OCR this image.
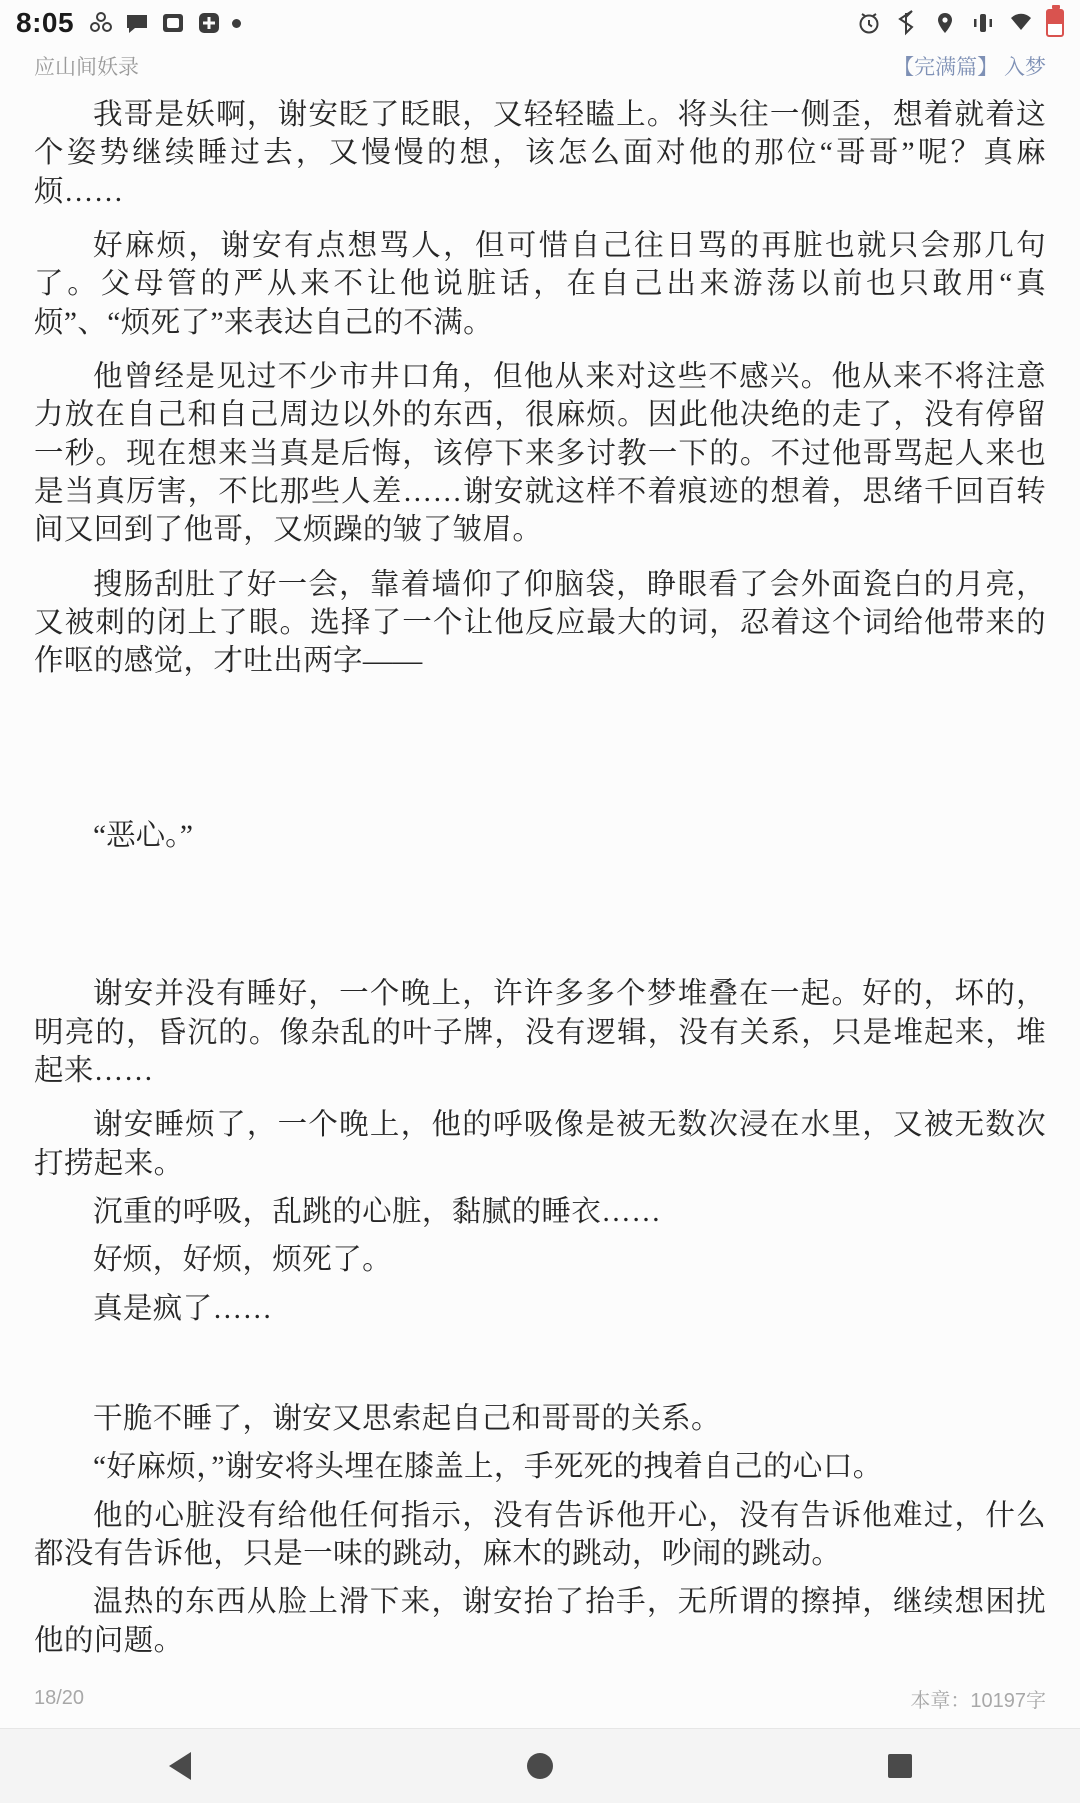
8:05
应山间妖录	【完满篇】 入梦

我哥是妖啊，谢安眨了眨眼，又轻轻瞌上。将头往一侧歪，想着就着这个姿势继续睡过去，又慢慢的想，该怎么面对他的那位“哥哥”呢？真麻烦……

好麻烦，谢安有点想骂人，但可惜自己往日骂的再脏也就只会那几句了。父母管的严从来不让他说脏话，在自己出来游荡以前也只敢用“真烦”、“烦死了”来表达自己的不满。

他曾经是见过不少市井口角，但他从来对这些不感兴。他从来不将注意力放在自己和自己周边以外的东西，很麻烦。因此他决绝的走了，没有停留一秒。现在想来当真是后悔，该停下来多讨教一下的。不过他哥骂起人来也是当真厉害，不比那些人差……谢安就这样不着痕迹的想着，思绪千回百转间又回到了他哥，又烦躁的皱了皱眉。

搜肠刮肚了好一会，靠着墙仰了仰脑袋，睁眼看了会外面瓷白的月亮，又被刺的闭上了眼。选择了一个让他反应最大的词，忍着这个词给他带来的作呕的感觉，才吐出两字——

“恶心。”

谢安并没有睡好，一个晚上，许许多多个梦堆叠在一起。好的，坏的，明亮的，昏沉的。像杂乱的叶子牌，没有逻辑，没有关系，只是堆起来，堆起来……

谢安睡烦了，一个晚上，他的呼吸像是被无数次浸在水里，又被无数次打捞起来。

沉重的呼吸，乱跳的心脏，黏腻的睡衣……

好烦，好烦，烦死了。

真是疯了……

干脆不睡了，谢安又思索起自己和哥哥的关系。

“好麻烦，”谢安将头埋在膝盖上，手死死的拽着自己的心口。

他的心脏没有给他任何指示，没有告诉他开心，没有告诉他难过，什么都没有告诉他，只是一味的跳动，麻木的跳动，吵闹的跳动。

温热的东西从脸上滑下来，谢安抬了抬手，无所谓的擦掉，继续想困扰他的问题。

18/20	本章：10197字
